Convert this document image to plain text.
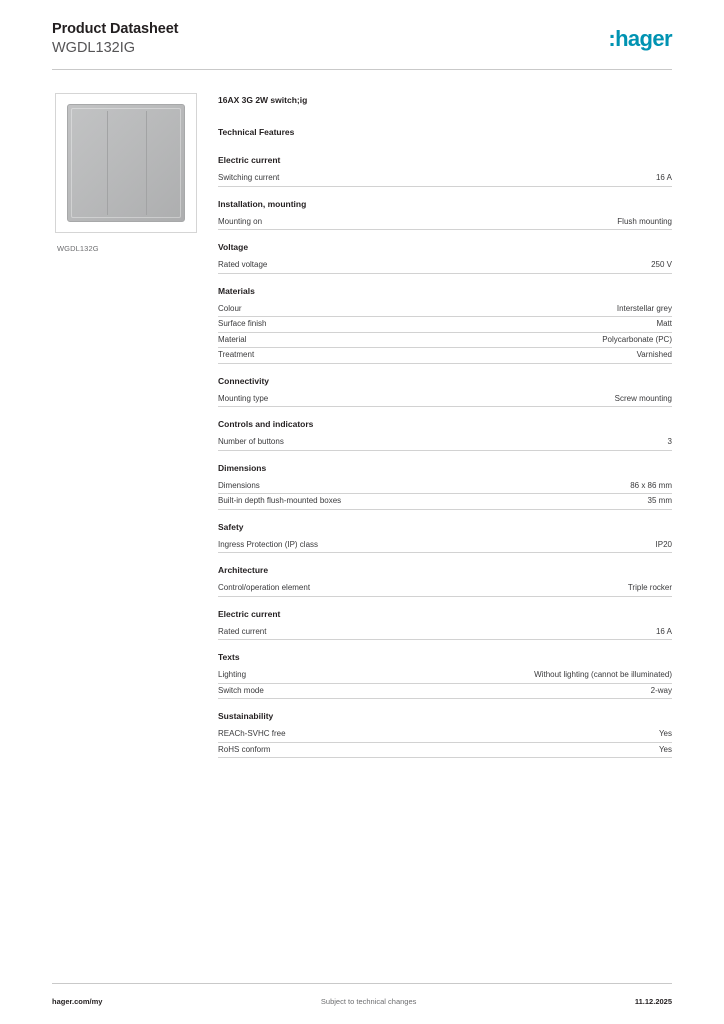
Product Datasheet
WGDL132IG	:hager
WGDL132G
16AX 3G 2W switch;ig
Technical Features
Electric current
Switching current	16 A
Installation, mounting
Mounting on	Flush mounting
Voltage
Rated voltage	250 V
Materials
Colour	Interstellar grey
Surface finish	Matt
Material	Polycarbonate (PC)
Treatment	Varnished
Connectivity
Mounting type	Screw mounting
Controls and indicators
Number of buttons	3
Dimensions
Dimensions	86 x 86 mm
Built-in depth flush-mounted boxes	35 mm
Safety
Ingress Protection (IP) class	IP20
Architecture
Control/operation element	Triple rocker
Electric current
Rated current	16 A
Texts
Lighting	Without lighting (cannot be illuminated)
Switch mode	2-way
Sustainability
REACh-SVHC free	Yes
RoHS conform	Yes
hager.com/my	Subject to technical changes	11.12.2025
